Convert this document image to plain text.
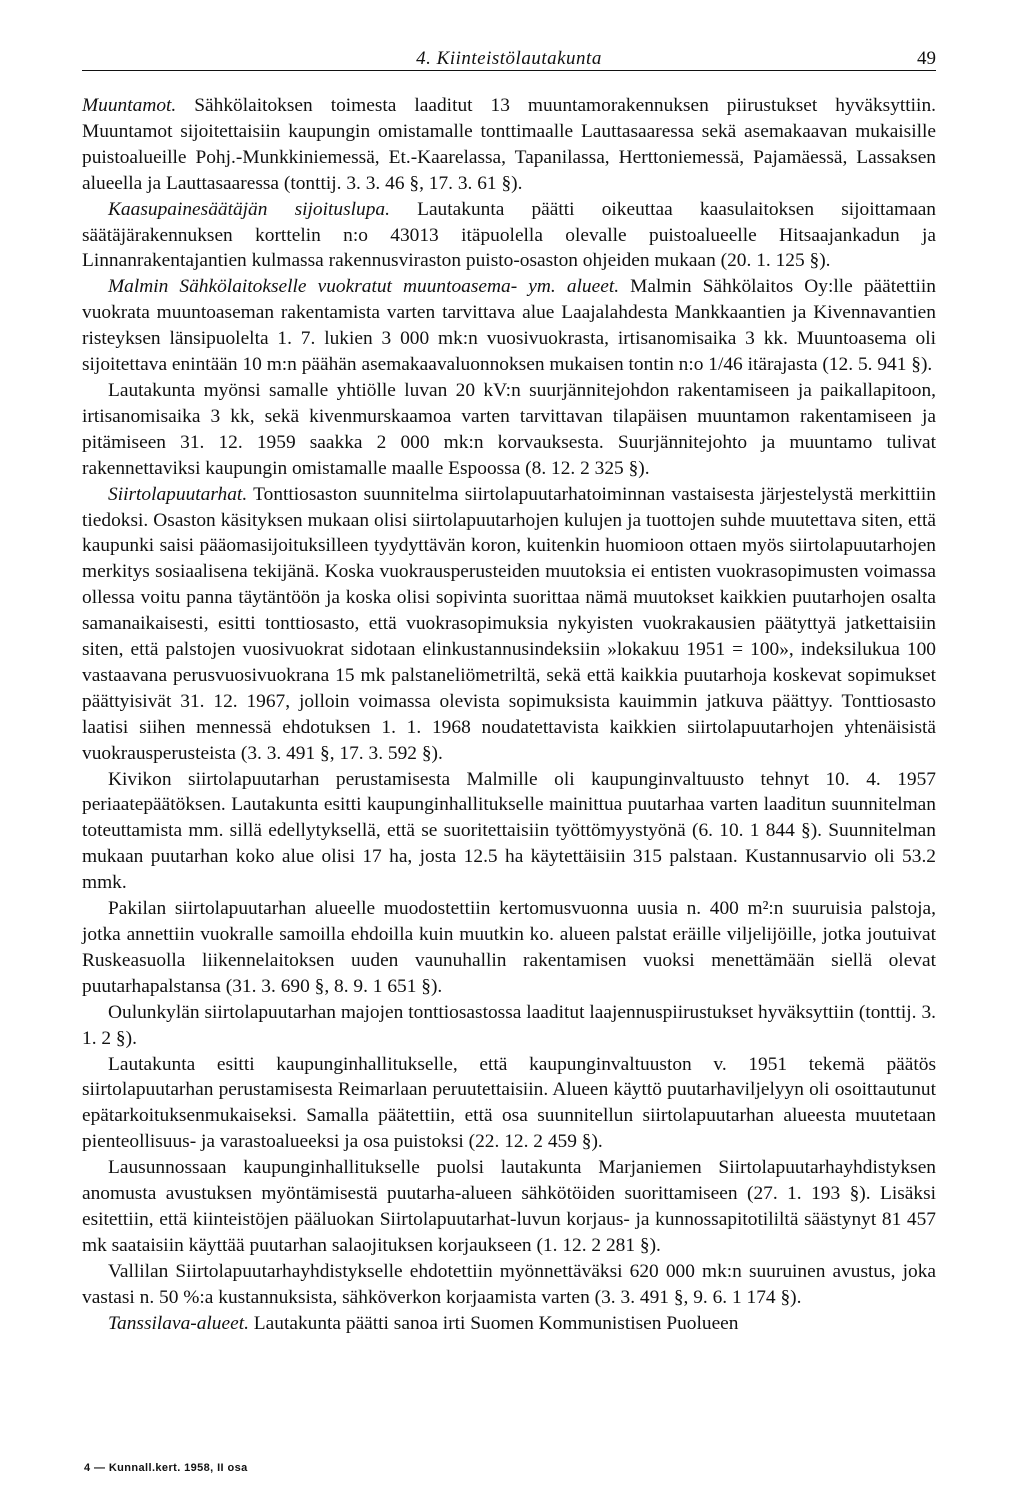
4. Kiinteistölautakunta	49

Muuntamot. Sähkölaitoksen toimesta laaditut 13 muuntamorakennuksen piirustukset hyväksyttiin. Muuntamot sijoitettaisiin kaupungin omistamalle tonttimaalle Lauttasaaressa sekä asemakaavan mukaisille puistoalueille Pohj.-Munkkiniemessä, Et.-Kaarelassa, Tapanilassa, Herttoniemessä, Pajamäessä, Lassaksen alueella ja Lauttasaaressa (tonttij. 3. 3. 46 §, 17. 3. 61 §).

Kaasupainesäätäjän sijoituslupa. Lautakunta päätti oikeuttaa kaasulaitoksen sijoittamaan säätäjärakennuksen korttelin n:o 43013 itäpuolella olevalle puistoalueelle Hitsaajankadun ja Linnanrakentajantien kulmassa rakennusviraston puisto-osaston ohjeiden mukaan (20. 1. 125 §).

Malmin Sähkölaitokselle vuokratut muuntoasema- ym. alueet. Malmin Sähkölaitos Oy:lle päätettiin vuokrata muuntoaseman rakentamista varten tarvittava alue Laajalahdesta Mankkaantien ja Kivennavantien risteyksen länsipuolelta 1. 7. lukien 3 000 mk:n vuosivuokrasta, irtisanomisaika 3 kk. Muuntoasema oli sijoitettava enintään 10 m:n päähän asemakaavaluonnoksen mukaisen tontin n:o 1/46 itärajasta (12. 5. 941 §).

Lautakunta myönsi samalle yhtiölle luvan 20 kV:n suurjännitejohdon rakentamiseen ja paikallapitoon, irtisanomisaika 3 kk, sekä kivenmurskaamoa varten tarvittavan tilapäisen muuntamon rakentamiseen ja pitämiseen 31. 12. 1959 saakka 2 000 mk:n korvauksesta. Suurjännitejohto ja muuntamo tulivat rakennettaviksi kaupungin omistamalle maalle Espoossa (8. 12. 2 325 §).

Siirtolapuutarhat. Tonttiosaston suunnitelma siirtolapuutarhatoiminnan vastaisesta järjestelystä merkittiin tiedoksi. Osaston käsityksen mukaan olisi siirtolapuutarhojen kulujen ja tuottojen suhde muutettava siten, että kaupunki saisi pääomasijoituksilleen tyydyttävän koron, kuitenkin huomioon ottaen myös siirtolapuutarhojen merkitys sosiaalisena tekijänä. Koska vuokrausperusteiden muutoksia ei entisten vuokrasopimusten voimassa ollessa voitu panna täytäntöön ja koska olisi sopivinta suorittaa nämä muutokset kaikkien puutarhojen osalta samanaikaisesti, esitti tonttiosasto, että vuokrasopimuksia nykyisten vuokrakausien päätyttyä jatkettaisiin siten, että palstojen vuosivuokrat sidotaan elinkustannusindeksiin »lokakuu 1951 = 100», indeksilukua 100 vastaavana perusvuosivuokrana 15 mk palstaneliömetriltä, sekä että kaikkia puutarhoja koskevat sopimukset päättyisivät 31. 12. 1967, jolloin voimassa olevista sopimuksista kauimmin jatkuva päättyy. Tonttiosasto laatisi siihen mennessä ehdotuksen 1. 1. 1968 noudatettavista kaikkien siirtolapuutarhojen yhtenäisistä vuokrausperusteista (3. 3. 491 §, 17. 3. 592 §).

Kivikon siirtolapuutarhan perustamisesta Malmille oli kaupunginvaltuusto tehnyt 10. 4. 1957 periaatepäätöksen. Lautakunta esitti kaupunginhallitukselle mainittua puutarhaa varten laaditun suunnitelman toteuttamista mm. sillä edellytyksellä, että se suoritettaisiin työttömyystyönä (6. 10. 1 844 §). Suunnitelman mukaan puutarhan koko alue olisi 17 ha, josta 12.5 ha käytettäisiin 315 palstaan. Kustannusarvio oli 53.2 mmk.

Pakilan siirtolapuutarhan alueelle muodostettiin kertomusvuonna uusia n. 400 m²:n suuruisia palstoja, jotka annettiin vuokralle samoilla ehdoilla kuin muutkin ko. alueen palstat eräille viljelijöille, jotka joutuivat Ruskeasuolla liikennelaitoksen uuden vaunuhallin rakentamisen vuoksi menettämään siellä olevat puutarhapalstansa (31. 3. 690 §, 8. 9. 1 651 §).

Oulunkylän siirtolapuutarhan majojen tonttiosastossa laaditut laajennuspiirustukset hyväksyttiin (tonttij. 3. 1. 2 §).

Lautakunta esitti kaupunginhallitukselle, että kaupunginvaltuuston v. 1951 tekemä päätös siirtolapuutarhan perustamisesta Reimarlaan peruutettaisiin. Alueen käyttö puutarhaviljelyyn oli osoittautunut epätarkoituksenmukaiseksi. Samalla päätettiin, että osa suunnitellun siirtolapuutarhan alueesta muutetaan pienteollisuus- ja varastoalueeksi ja osa puistoksi (22. 12. 2 459 §).

Lausunnossaan kaupunginhallitukselle puolsi lautakunta Marjaniemen Siirtolapuutarhayhdistyksen anomusta avustuksen myöntämisestä puutarha-alueen sähkötöiden suorittamiseen (27. 1. 193 §). Lisäksi esitettiin, että kiinteistöjen pääluokan Siirtolapuutarhat-luvun korjaus- ja kunnossapitotililtä säästynyt 81 457 mk saataisiin käyttää puutarhan salaojituksen korjaukseen (1. 12. 2 281 §).

Vallilan Siirtolapuutarhayhdistykselle ehdotettiin myönnettäväksi 620 000 mk:n suuruinen avustus, joka vastasi n. 50 %:a kustannuksista, sähköverkon korjaamista varten (3. 3. 491 §, 9. 6. 1 174 §).

Tanssilava-alueet. Lautakunta päätti sanoa irti Suomen Kommunistisen Puolueen

4 — Kunnall.kert. 1958, II osa
